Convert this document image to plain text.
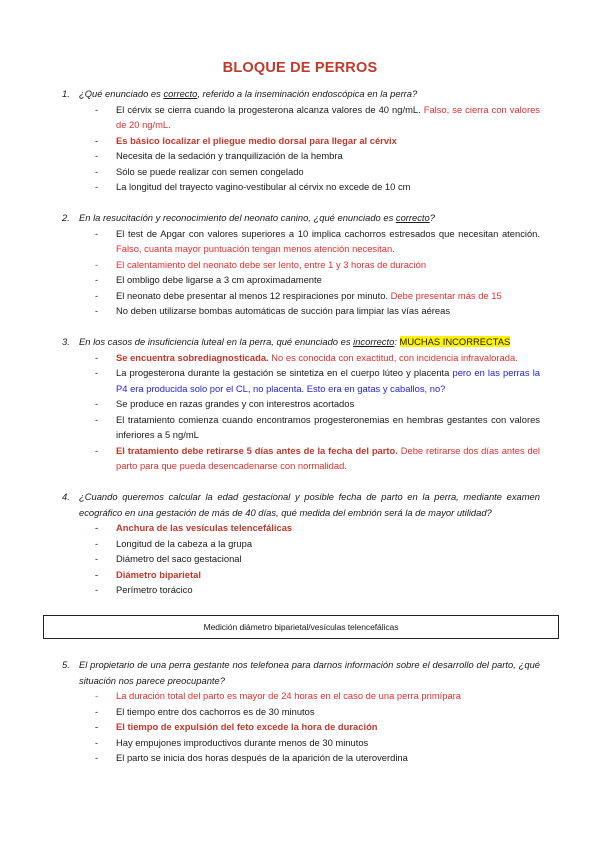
BLOQUE DE PERROS
1. ¿Qué enunciado es correcto, referido a la inseminación endoscópica en la perra?
- El cérvix se cierra cuando la progesterona alcanza valores de 40 ng/mL. Falso, se cierra con valores de 20 ng/mL.
- Es básico localizar el pliegue medio dorsal para llegar al cérvix
- Necesita de la sedación y tranquilización de la hembra
- Sólo se puede realizar con semen congelado
- La longitud del trayecto vagino-vestibular al cérvix no excede de 10 cm
2. En la resucitación y reconocimiento del neonato canino, ¿qué enunciado es correcto?
- El test de Apgar con valores superiores a 10 implica cachorros estresados que necesitan atención. Falso, cuanta mayor puntuación tengan menos atención necesitan.
- El calentamiento del neonato debe ser lento, entre 1 y 3 horas de duración
- El ombligo debe ligarse a 3 cm aproximadamente
- El neonato debe presentar al menos 12 respiraciones por minuto. Debe presentar más de 15
- No deben utilizarse bombas automáticas de succión para limpiar las vías aéreas
3. En los casos de insuficiencia luteal en la perra, qué enunciado es incorrecto: MUCHAS INCORRECTAS
- Se encuentra sobrediagnosticada. No es conocida con exactitud, con incidencia infravalorada.
- La progesterona durante la gestación se sintetiza en el cuerpo lúteo y placenta pero en las perras la P4 era producida solo por el CL, no placenta. Esto era en gatas y caballos, no?
- Se produce en razas grandes y con interestros acortados
- El tratamiento comienza cuando encontramos progesteronemias en hembras gestantes con valores inferiores a 5 ng/mL
- El tratamiento debe retirarse 5 días antes de la fecha del parto. Debe retirarse dos días antes del parto para que pueda desencadenarse con normalidad.
4. ¿Cuando queremos calcular la edad gestacional y posible fecha de parto en la perra, mediante examen ecográfico en una gestación de más de 40 días, qué medida del embrión será la de mayor utilidad?
- Anchura de las vesículas telencefálicas
- Longitud de la cabeza a la grupa
- Diámetro del saco gestacional
- Diámetro biparietal
- Perímetro torácico
Medición diámetro biparietal/vesículas telencefálicas
5. El propietario de una perra gestante nos telefonea para darnos información sobre el desarrollo del parto, ¿qué situación nos parece preocupante?
- La duración total del parto es mayor de 24 horas en el caso de una perra primípara
- El tiempo entre dos cachorros es de 30 minutos
- El tiempo de expulsión del feto excede la hora de duración
- Hay empujones improductivos durante menos de 30 minutos
- El parto se inicia dos horas después de la aparición de la uteroverdina
